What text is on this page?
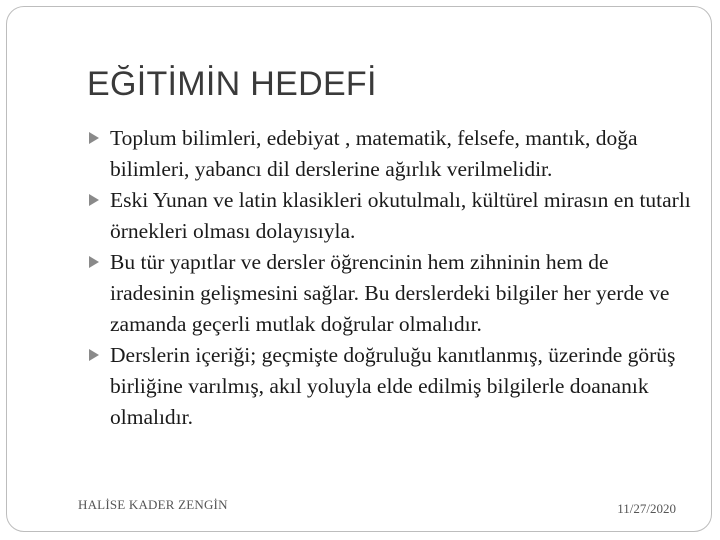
EĞİTİMİN HEDEFİ
Toplum bilimleri, edebiyat , matematik, felsefe, mantık, doğa bilimleri, yabancı dil derslerine ağırlık verilmelidir.
Eski Yunan ve latin klasikleri okutulmalı, kültürel mirasın en tutarlı örnekleri olması dolayısıyla.
Bu tür yapıtlar ve dersler öğrencinin hem zihninin hem de iradesinin gelişmesini sağlar. Bu derslerdeki bilgiler her yerde ve zamanda geçerli mutlak doğrular olmalıdır.
Derslerin içeriği; geçmişte doğruluğu kanıtlanmış, üzerinde görüş birliğine varılmış, akıl yoluyla elde edilmiş bilgilerle doananık olmalıdır.
HALİSE KADER ZENGİN	11/27/2020
